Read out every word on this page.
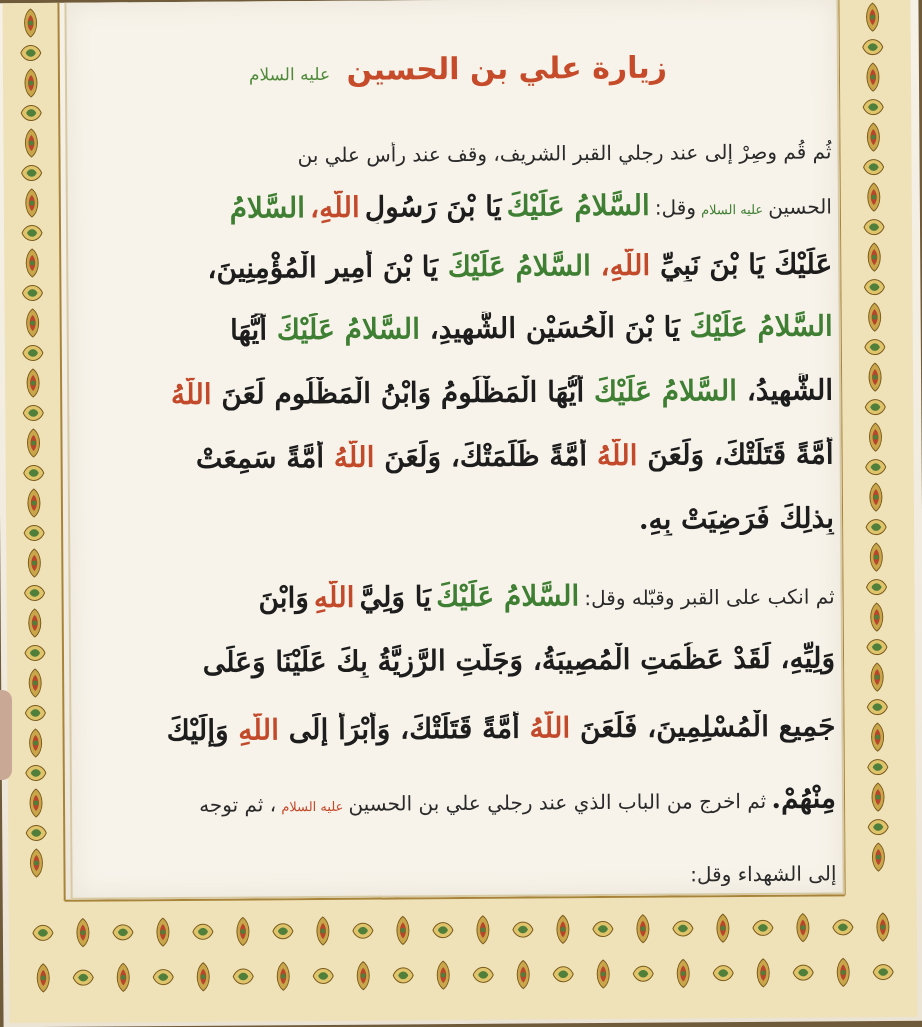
زيارة علي بن الحسين عليه السلام
ثُم قُم وصِرْ إلى عند رجلي القبر الشريف، وقف عند رأس علي بن
الحسين عليه السلام وقل: السَّلامُ عَلَيْكَ يَا بْنَ رَسُولِ اللَّهِ، السَّلامُ
عَلَيْكَ يَا بْنَ نَبِيِّ اللَّهِ، السَّلامُ عَلَيْكَ يَا بْنَ أَمِيرِ الْمُؤْمِنِينَ،
السَّلامُ عَلَيْكَ يَا بْنَ الْحُسَيْنِ الشَّهِيدِ، السَّلامُ عَلَيْكَ أَيُّهَا
الشَّهِيدُ، السَّلامُ عَلَيْكَ أَيُّهَا الْمَظْلُومُ وَابْنُ الْمَظْلُوم لَعَنَ اللَّهُ
أُمَّةً قَتَلَتْكَ، وَلَعَنَ اللَّهُ أُمَّةً ظَلَمَتْكَ، وَلَعَنَ اللَّهُ أُمَّةً سَمِعَتْ
بِذلِكَ فَرَضِيَتْ بِهِ.
ثم انكب على القبر وقبّله وقل: السَّلامُ عَلَيْكَ يَا وَلِيَّ اللَّهِ وَابْنَ
وَلِيِّهِ، لَقَدْ عَظُمَتِ الْمُصِيبَةُ، وَجَلَّتِ الرَّزِيَّةُ بِكَ عَلَيْنَا وَعَلَى
جَمِيعِ الْمُسْلِمِينَ، فَلَعَنَ اللَّهُ أُمَّةً قَتَلَتْكَ، وَأَبْرَأُ إِلَى اللَّهِ وَإِلَيْكَ
مِنْهُمْ. ثم اخرج من الباب الذي عند رجلي علي بن الحسين عليه السلام ، ثم توجه
إلى الشهداء وقل:
